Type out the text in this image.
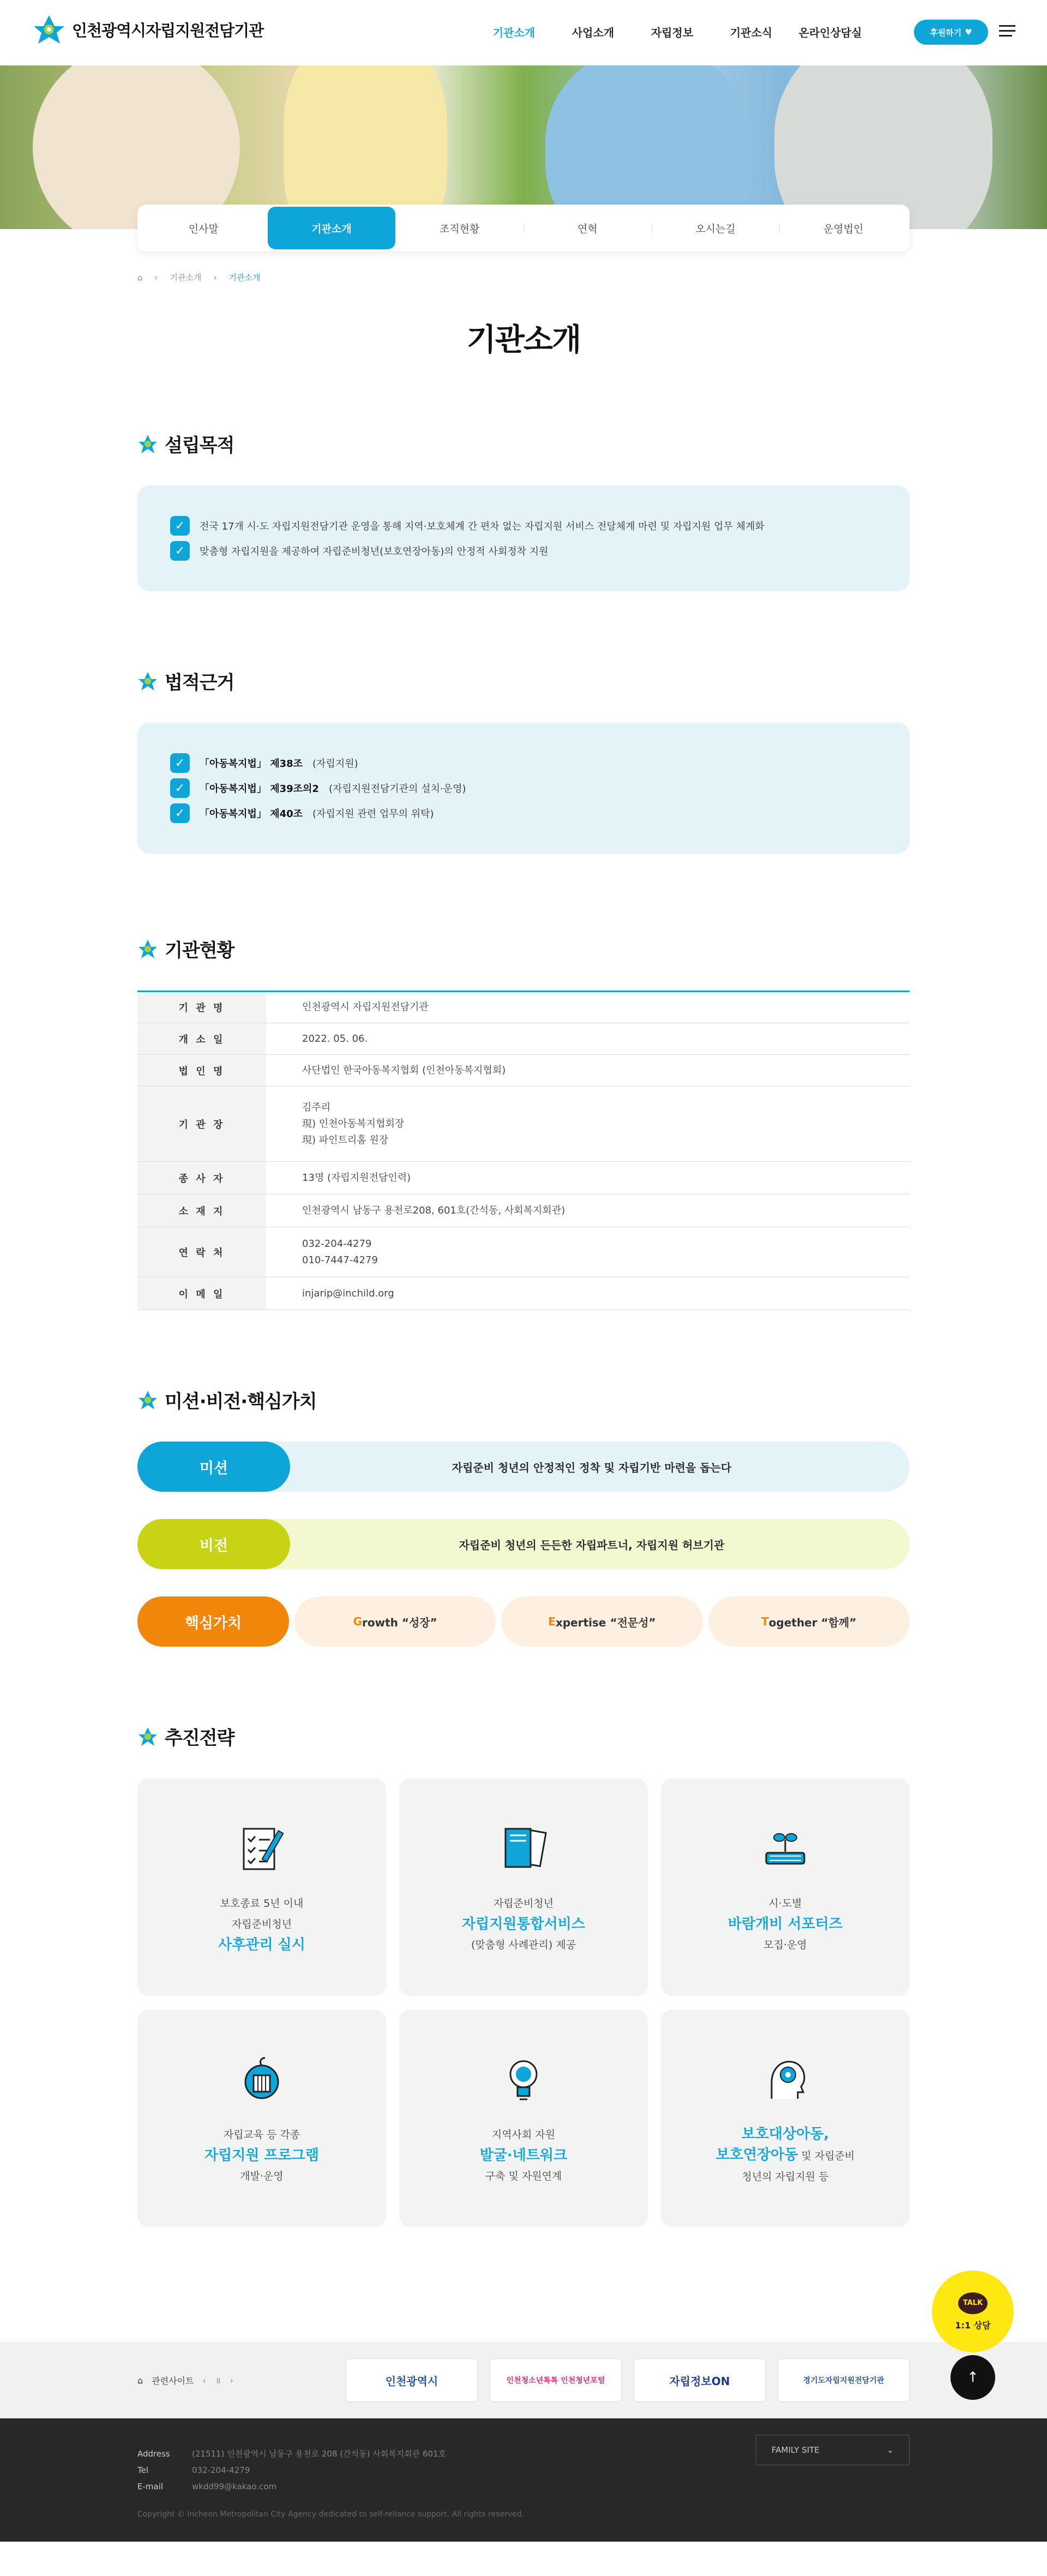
인천광역시자립지원전담기관	기관소개	사업소개	자립정보	기관소식	온라인상담실	후원하기 ♥
인사말	기관소개	조직현황	연혁	오시는길	운영법인
⌂ › 기관소개 › 기관소개
기관소개
설립목적
✓	전국 17개 시·도 자립지원전담기관 운영을 통해 지역·보호체계 간 편차 없는 자립지원 서비스 전달체계 마련 및 자립지원 업무 체계화
✓	맞춤형 자립지원을 제공하여 자립준비청년(보호연장아동)의 안정적 사회정착 지원
법적근거
✓	「아동복지법」 제38조 (자립지원)
✓	「아동복지법」 제39조의2 (자립지원전담기관의 설치·운영)
✓	「아동복지법」 제40조 (자립지원 관련 업무의 위탁)
기관현황
기 관 명	인천광역시 자립지원전담기관
개 소 일	2022. 05. 06.
법 인 명	사단법인 한국아동복지협회 (인천아동복지협회)
기 관 장	김주리
現) 인천아동복지협회장
現) 파인트리홈 원장

종 사 자	13명 (자립지원전담인력)
소 재 지	인천광역시 남동구 용천로208, 601호(간석동, 사회복지회관)
연 락 처	032-204-4279
010-7447-4279

이 메 일	injarip@inchild.org
미션·비전·핵심가치
미션	자립준비 청년의 안정적인 정착 및 자립기반 마련을 돕는다
비전	자립준비 청년의 든든한 자립파트너, 자립지원 허브기관
핵심가치	G rowth “성장”	E xpertise “전문성”	T ogether “함께”
추진전략
보호종료 5년 이내
자립준비청년
사후관리 실시
자립준비청년
자립지원통합서비스
(맞춤형 사례관리) 제공
시·도별
바람개비 서포터즈
모집·운영
자립교육 등 각종
자립지원 프로그램
개발·운영
지역사회 자원
발굴·네트워크
구축 및 자원연계
보호대상아동,
보호연장아동 및 자립준비
청년의 자립지원 등
TALK
1:1 상담
↑
⌂ 관련사이트 ‹ ॥ ›	인천광역시	인천청소년톡톡 인천청년포털	자립정보ON	경기도자립지원전담기관
Address	(21511) 인천광역시 남동구 용천로 208 (간석동) 사회복지회관 601호
Tel	032-204-4279
E-mail	wkdd99@kakao.com
Copyright © Incheon Metropolitan City Agency dedicated to self-reliance support. All rights reserved.
FAMILY SITE	⌄
